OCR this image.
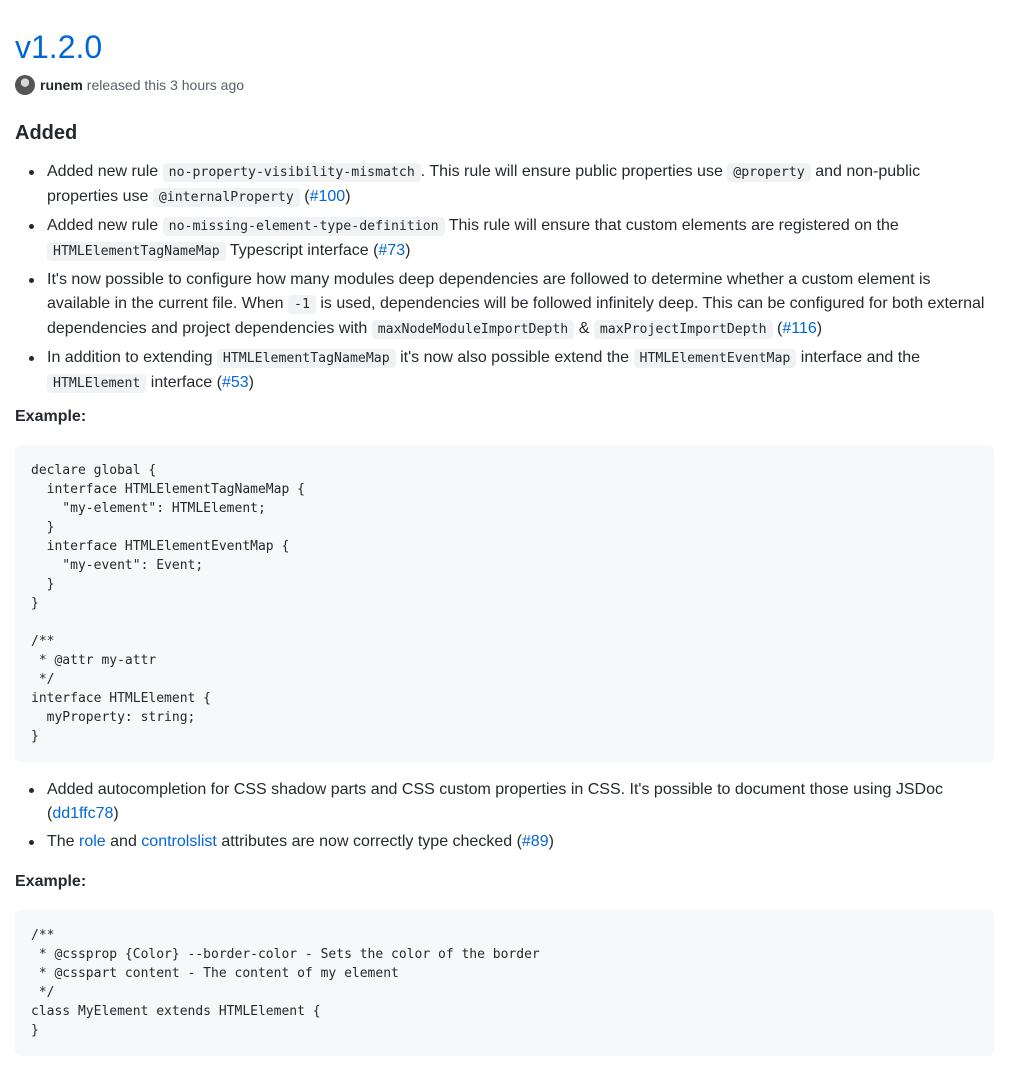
v1.2.0
runem released this 3 hours ago
Added
Added new rule no-property-visibility-mismatch . This rule will ensure public properties use @property and non-public properties use @internalProperty (#100)
Added new rule no-missing-element-type-definition This rule will ensure that custom elements are registered on the HTMLElementTagNameMap Typescript interface (#73)
It's now possible to configure how many modules deep dependencies are followed to determine whether a custom element is available in the current file. When -1 is used, dependencies will be followed infinitely deep. This can be configured for both external dependencies and project dependencies with maxNodeModuleImportDepth & maxProjectImportDepth (#116)
In addition to extending HTMLElementTagNameMap it's now also possible extend the HTMLElementEventMap interface and the HTMLElement interface (#53)

Example:

declare global {
interface HTMLElementTagNameMap {
"my-element": HTMLElement;
}
interface HTMLElementEventMap {
"my-event": Event;
}
}

/**
* @attr my-attr
*/
interface HTMLElement {
myProperty: string;
}
Added autocompletion for CSS shadow parts and CSS custom properties in CSS. It's possible to document those using JSDoc (dd1ffc78)
The role and controlslist attributes are now correctly type checked (#89)

Example:

/**
* @cssprop {Color} --border-color - Sets the color of the border
* @csspart content - The content of my element
*/
class MyElement extends HTMLElement {
}
